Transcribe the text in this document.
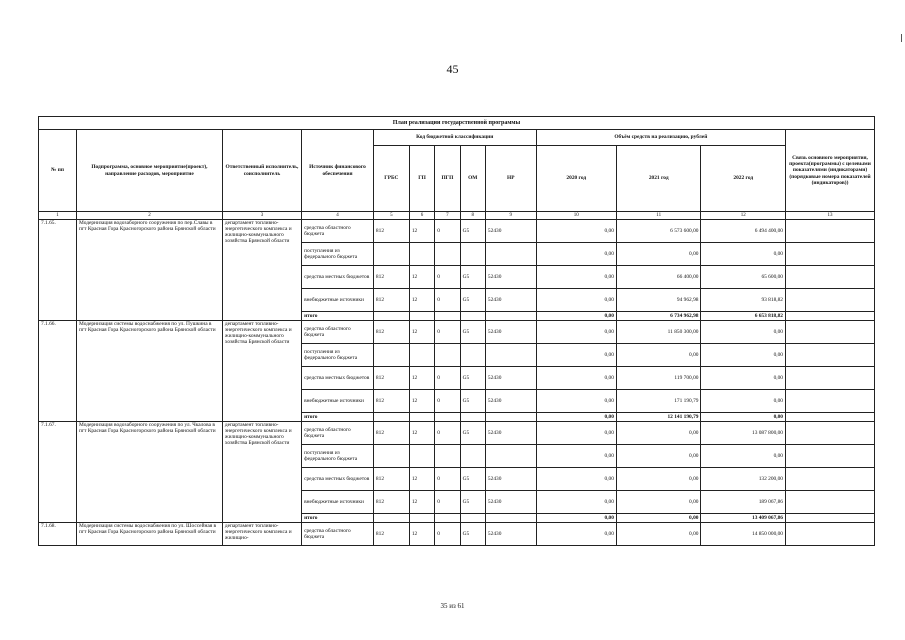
45
План реализации государственной программы												
№ пп	Подпрограмма, основное мероприятие(проект), направление расходов, мероприятие	Ответственный исполнитель, соисполнитель	Источник финансового обеспечения	Код бюджетной классификации					Объём средств на реализацию, рублей			Связь основного мероприятия, проекта(программы) с целевыми показателями (индикаторами) (порядковые номера показателей (индикаторов))
				ГРБС	ГП	ПГП	ОМ	НР	2020 год	2021 год	2022 год	
1	2	3	4	5	6	7	8	9	10	11	12	13
7.1.65.	Модернизация водозаборного сооружения по пер.Славы в пгт Красная Гора Красногорского района Брянской области	департамент топливно-энергетического комплекса и жилищно-коммунального хозяйства Брянской области	средства областного бюджета	812	12	0	G5	52430	0,00	6 573 600,00	6 494 400,00	
			поступления из федерального бюджета						0,00	0,00	0,00	
			средства местных бюджетов	812	12	0	G5	52430	0,00	66 400,00	65 600,00	
			внебюджетные источники	812	12	0	G5	52430	0,00	94 962,98	93 818,82	
			итого						0,00	6 734 962,98	6 653 818,82	
7.1.66.	Модернизация системы водоснабжения по ул. Пушкина в пгт Красная Гора Красногорского района Брянской области	департамент топливно-энергетического комплекса и жилищно-коммунального хозяйства Брянской области	средства областного бюджета	812	12	0	G5	52430	0,00	11 850 300,00	0,00	
			поступления из федерального бюджета						0,00	0,00	0,00	
			средства местных бюджетов	812	12	0	G5	52430	0,00	119 700,00	0,00	
			внебюджетные источники	812	12	0	G5	52430	0,00	171 190,79	0,00	
			итого						0,00	12 141 190,79	0,00	
7.1.67.	Модернизация водозаборного сооружения по ул. Чкалова в пгт Красная Гора Красногорского района Брянской области	департамент топливно-энергетического комплекса и жилищно-коммунального хозяйства Брянской области	средства областного бюджета	812	12	0	G5	52430	0,00	0,00	13 087 800,00	
			поступления из федерального бюджета						0,00	0,00	0,00	
			средства местных бюджетов	812	12	0	G5	52430	0,00	0,00	132 200,00	
			внебюджетные источники	812	12	0	G5	52430	0,00	0,00	189 067,86	
			итого						0,00	0,00	13 409 067,86	
7.1.68.	Модернизация системы водоснабжения по ул. Шоссейная в пгт Красная Гора Красногорского района Брянской области	департамент топливно-энергетического комплекса и жилищно-	средства областного бюджета	812	12	0	G5	52430	0,00	0,00	14 850 000,00	
35 из 61
